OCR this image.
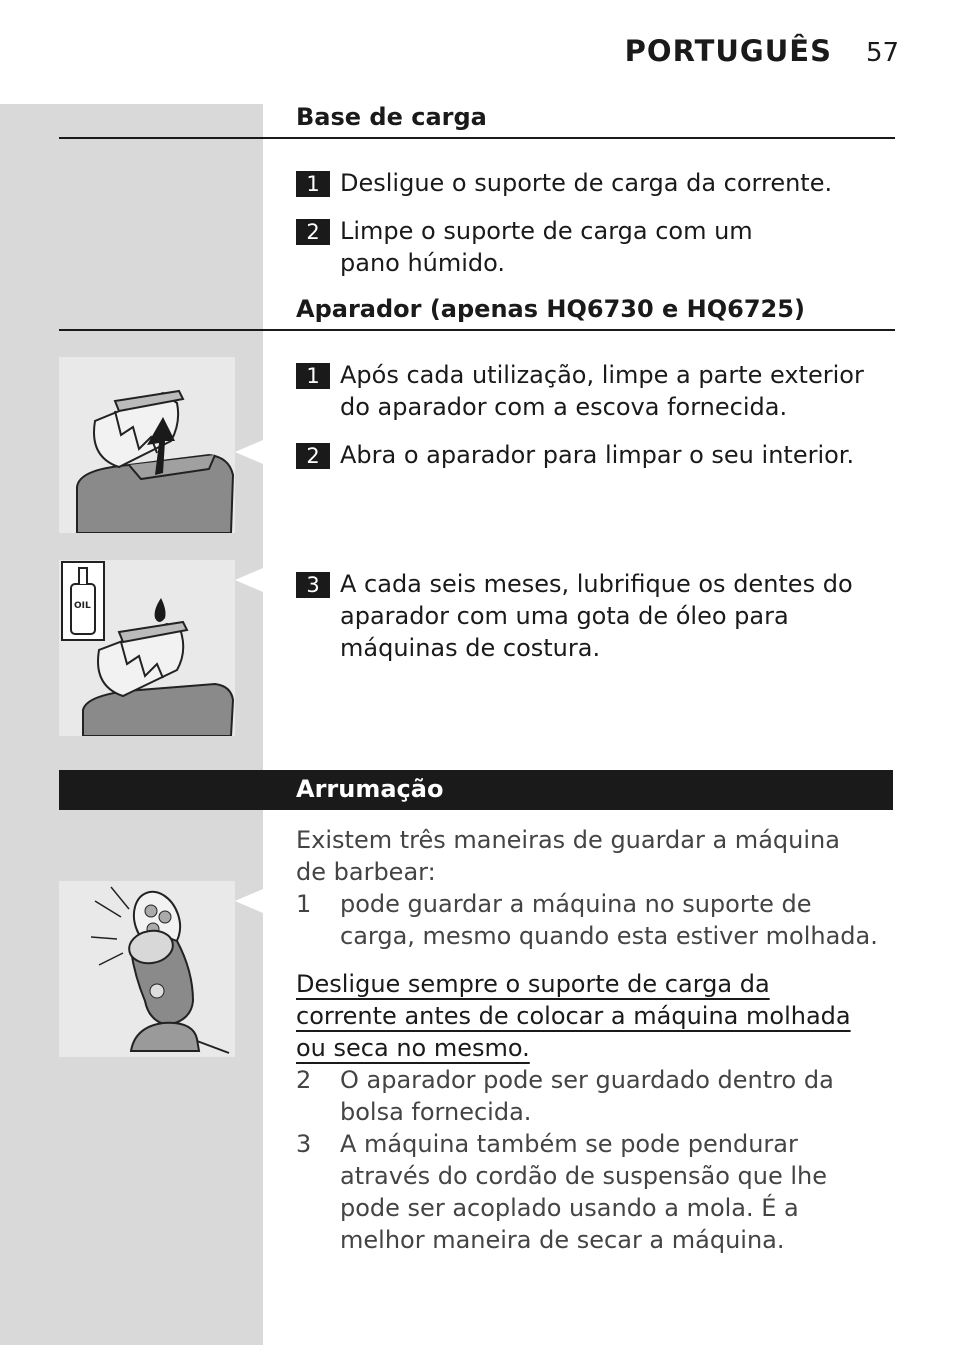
PORTUGUÊS 57
Base de carga
1 Desligue o suporte de carga da corrente.
2 Limpe o suporte de carga com um pano húmido.
Aparador (apenas HQ6730 e HQ6725)
1 Após cada utilização, limpe a parte exterior do aparador com a escova fornecida.
2 Abra o aparador para limpar o seu interior.
OIL
3 A cada seis meses, lubrifique os dentes do aparador com uma gota de óleo para máquinas de costura.
Arrumação
Existem três maneiras de guardar a máquina de barbear:
1 pode guardar a máquina no suporte de carga, mesmo quando esta estiver molhada.
Desligue sempre o suporte de carga da corrente antes de colocar a máquina molhada ou seca no mesmo.
2 O aparador pode ser guardado dentro da bolsa fornecida.
3 A máquina também se pode pendurar através do cordão de suspensão que lhe pode ser acoplado usando a mola. É a melhor maneira de secar a máquina.
